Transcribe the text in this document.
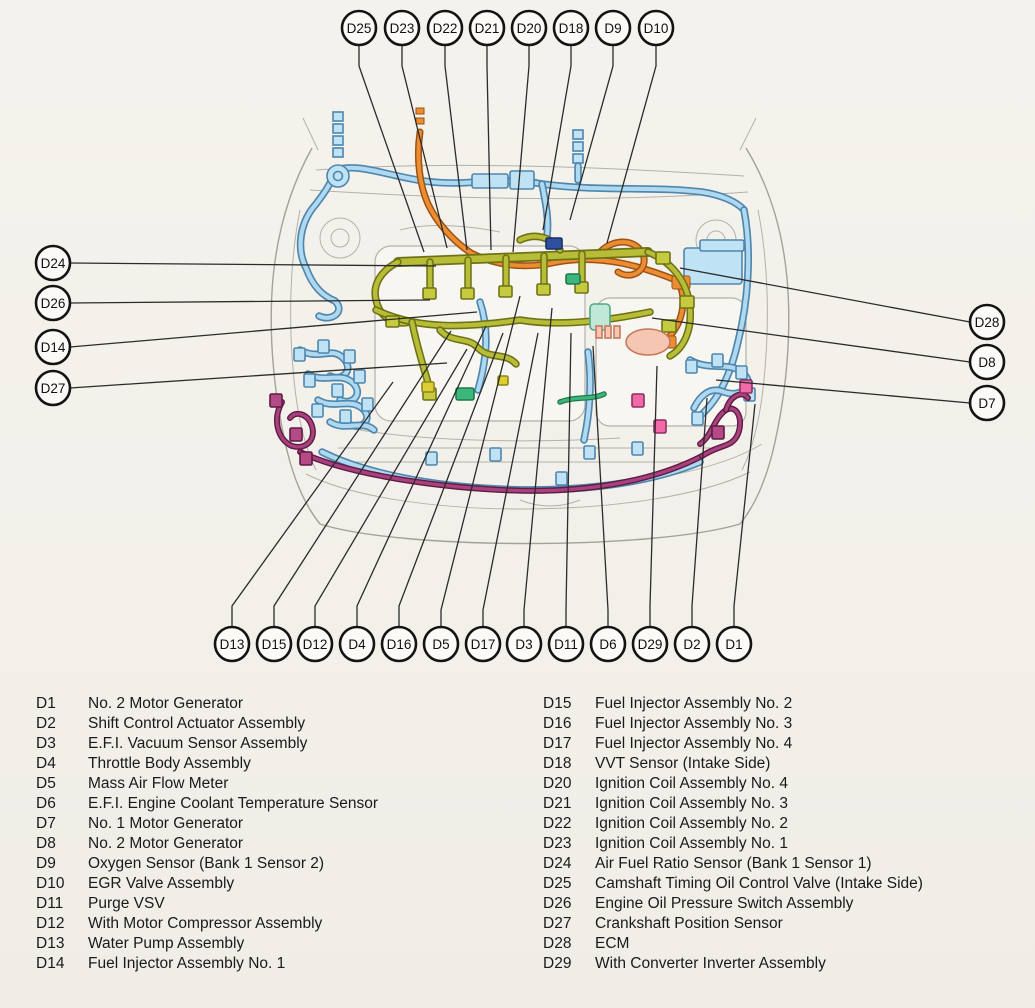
D25 D23 D22 D21 D20 D18 D9 D10
D24
D26
D14
D27
D28
D8
D7
D13 D15 D12 D4 D16 D5 D17 D3 D11 D6 D29 D2 D1
D1	No. 2 Motor Generator
D2	Shift Control Actuator Assembly
D3	E.F.I. Vacuum Sensor Assembly
D4	Throttle Body Assembly
D5	Mass Air Flow Meter
D6	E.F.I. Engine Coolant Temperature Sensor
D7	No. 1 Motor Generator
D8	No. 2 Motor Generator
D9	Oxygen Sensor (Bank 1 Sensor 2)
D10	EGR Valve Assembly
D11	Purge VSV
D12	With Motor Compressor Assembly
D13	Water Pump Assembly
D14	Fuel Injector Assembly No. 1
D15	Fuel Injector Assembly No. 2
D16	Fuel Injector Assembly No. 3
D17	Fuel Injector Assembly No. 4
D18	VVT Sensor (Intake Side)
D20	Ignition Coil Assembly No. 4
D21	Ignition Coil Assembly No. 3
D22	Ignition Coil Assembly No. 2
D23	Ignition Coil Assembly No. 1
D24	Air Fuel Ratio Sensor (Bank 1 Sensor 1)
D25	Camshaft Timing Oil Control Valve (Intake Side)
D26	Engine Oil Pressure Switch Assembly
D27	Crankshaft Position Sensor
D28	ECM
D29	With Converter Inverter Assembly
